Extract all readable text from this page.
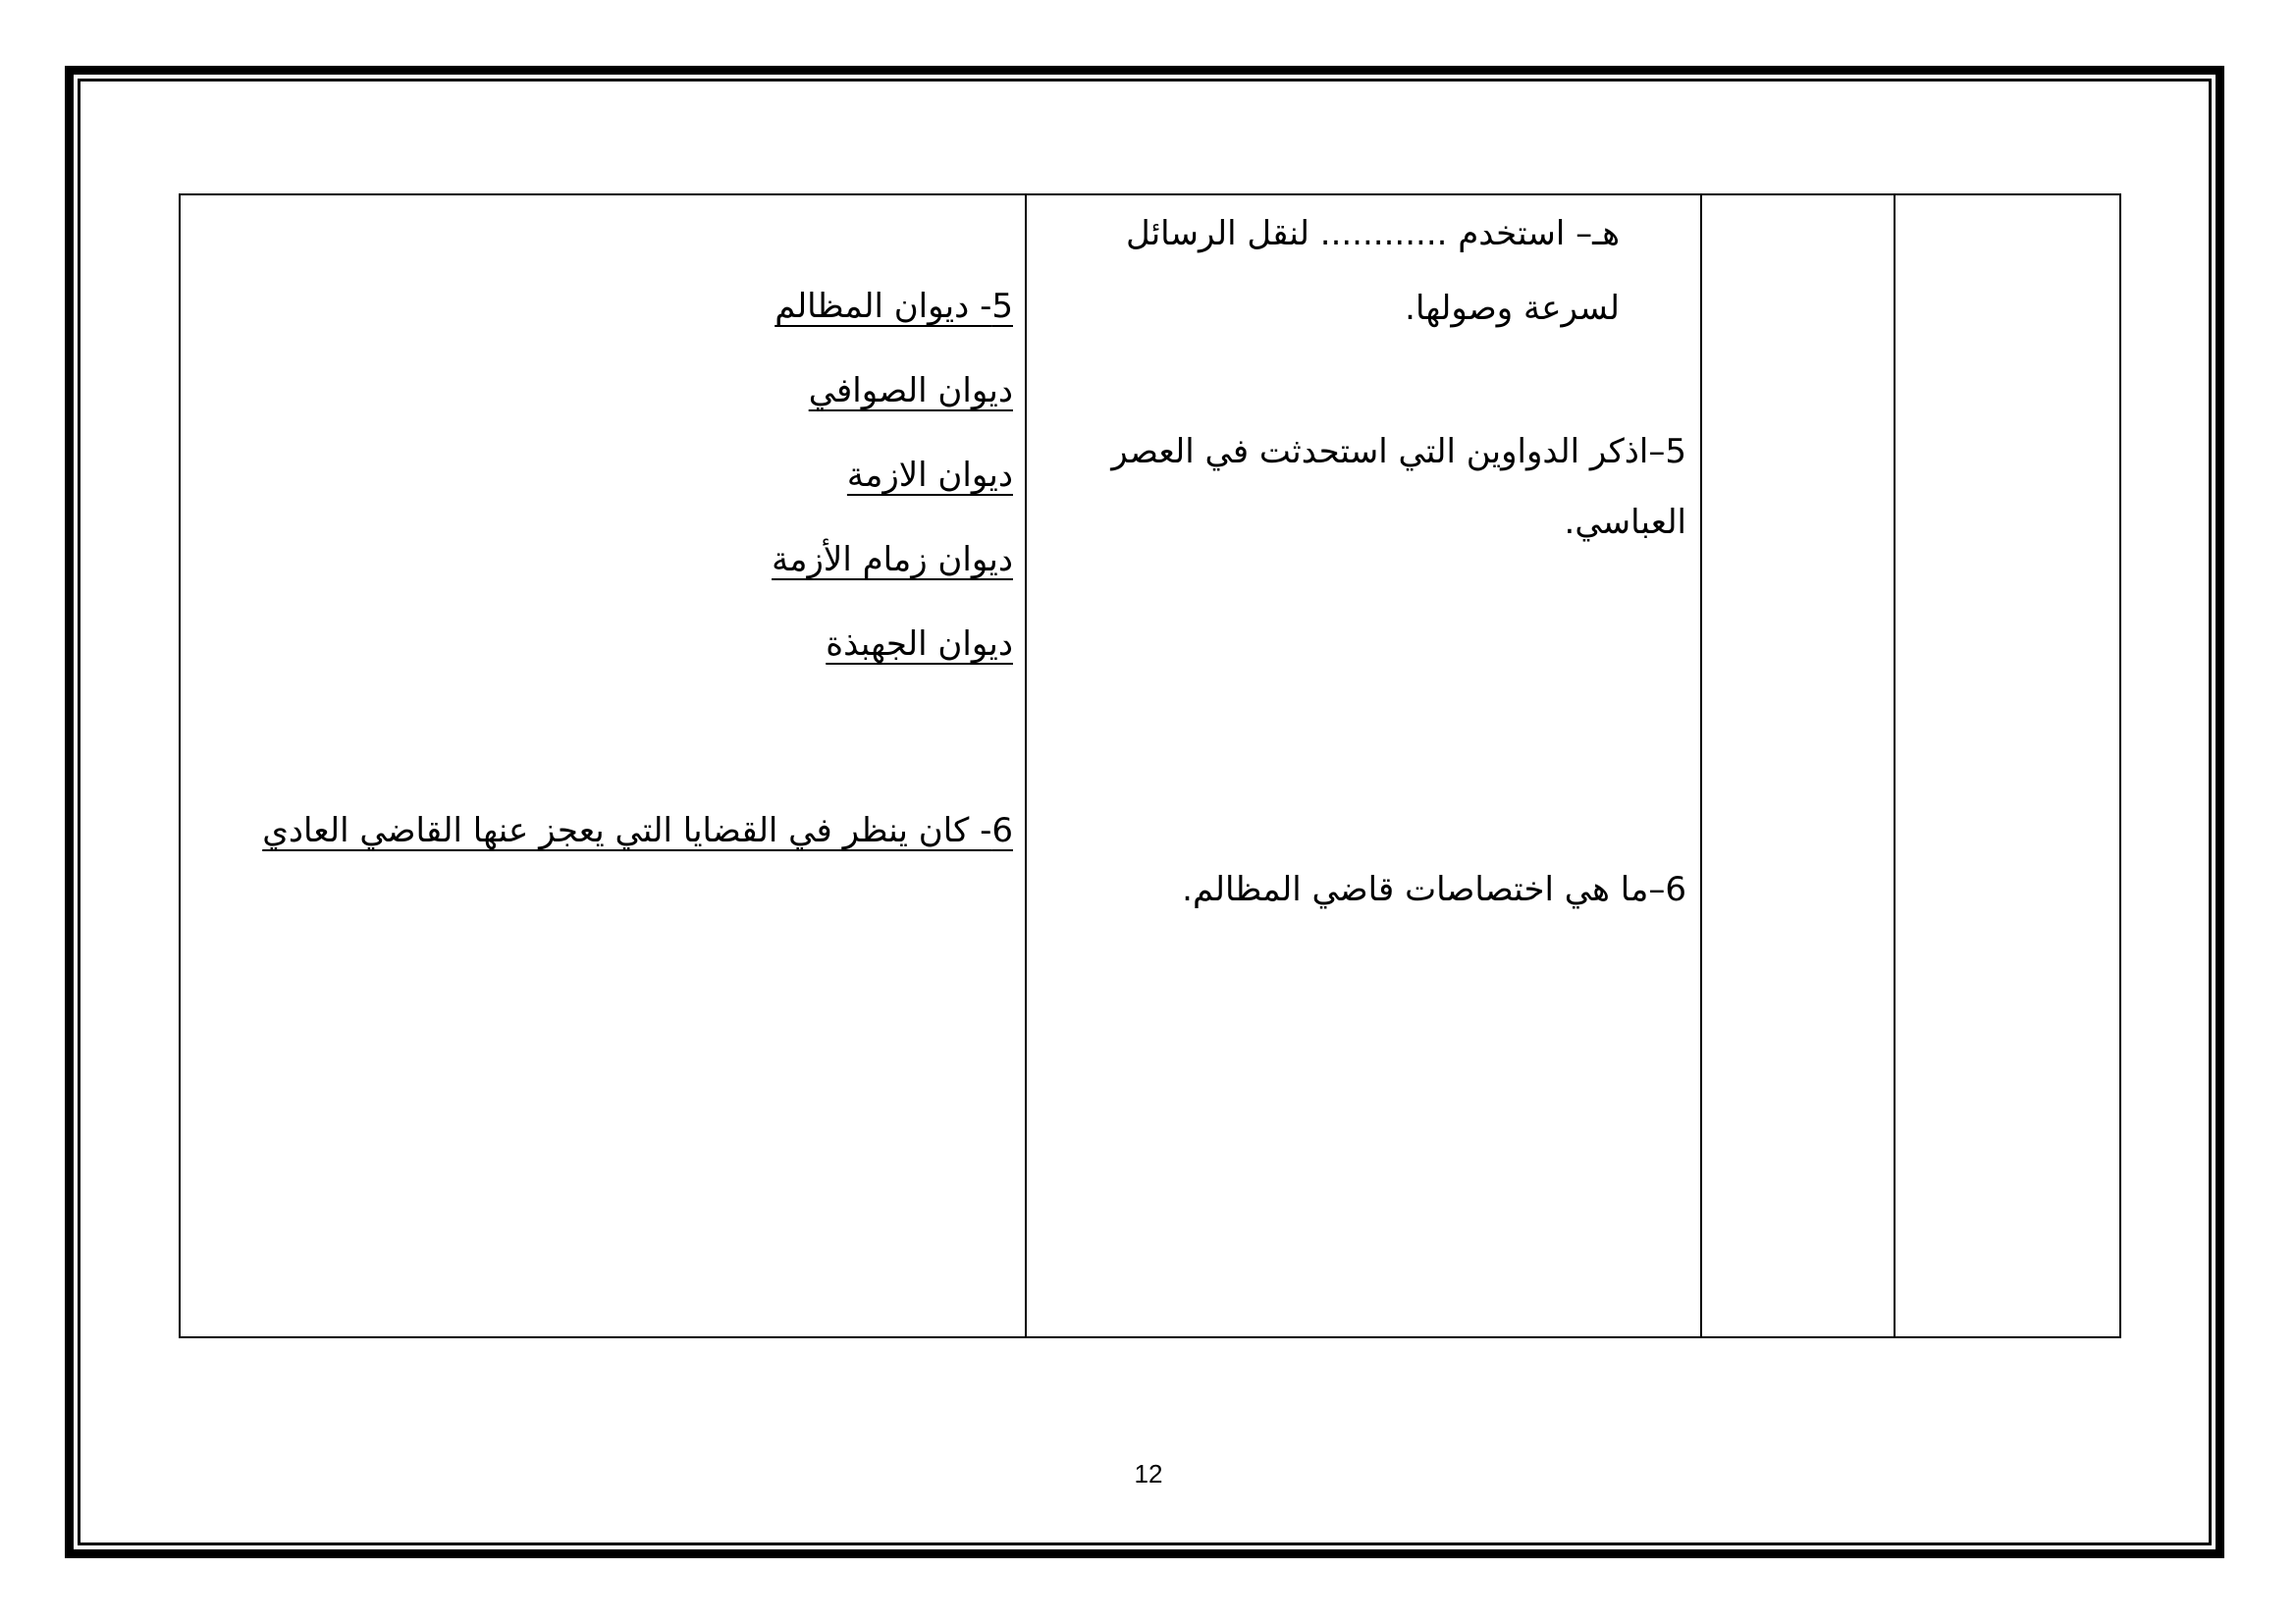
هـ– استخدم ............ لنقل الرسائل
لسرعة وصولها.
5–اذكر الدواوين التي استحدثت في العصر
العباسي.
6–ما هي اختصاصات قاضي المظالم.
5- ديوان المظالم
ديوان الصوافي
ديوان الازمة
ديوان زمام الأزمة
ديوان الجهبذة
6- كان ينظر في القضايا التي يعجز عنها القاضي العادي
12
